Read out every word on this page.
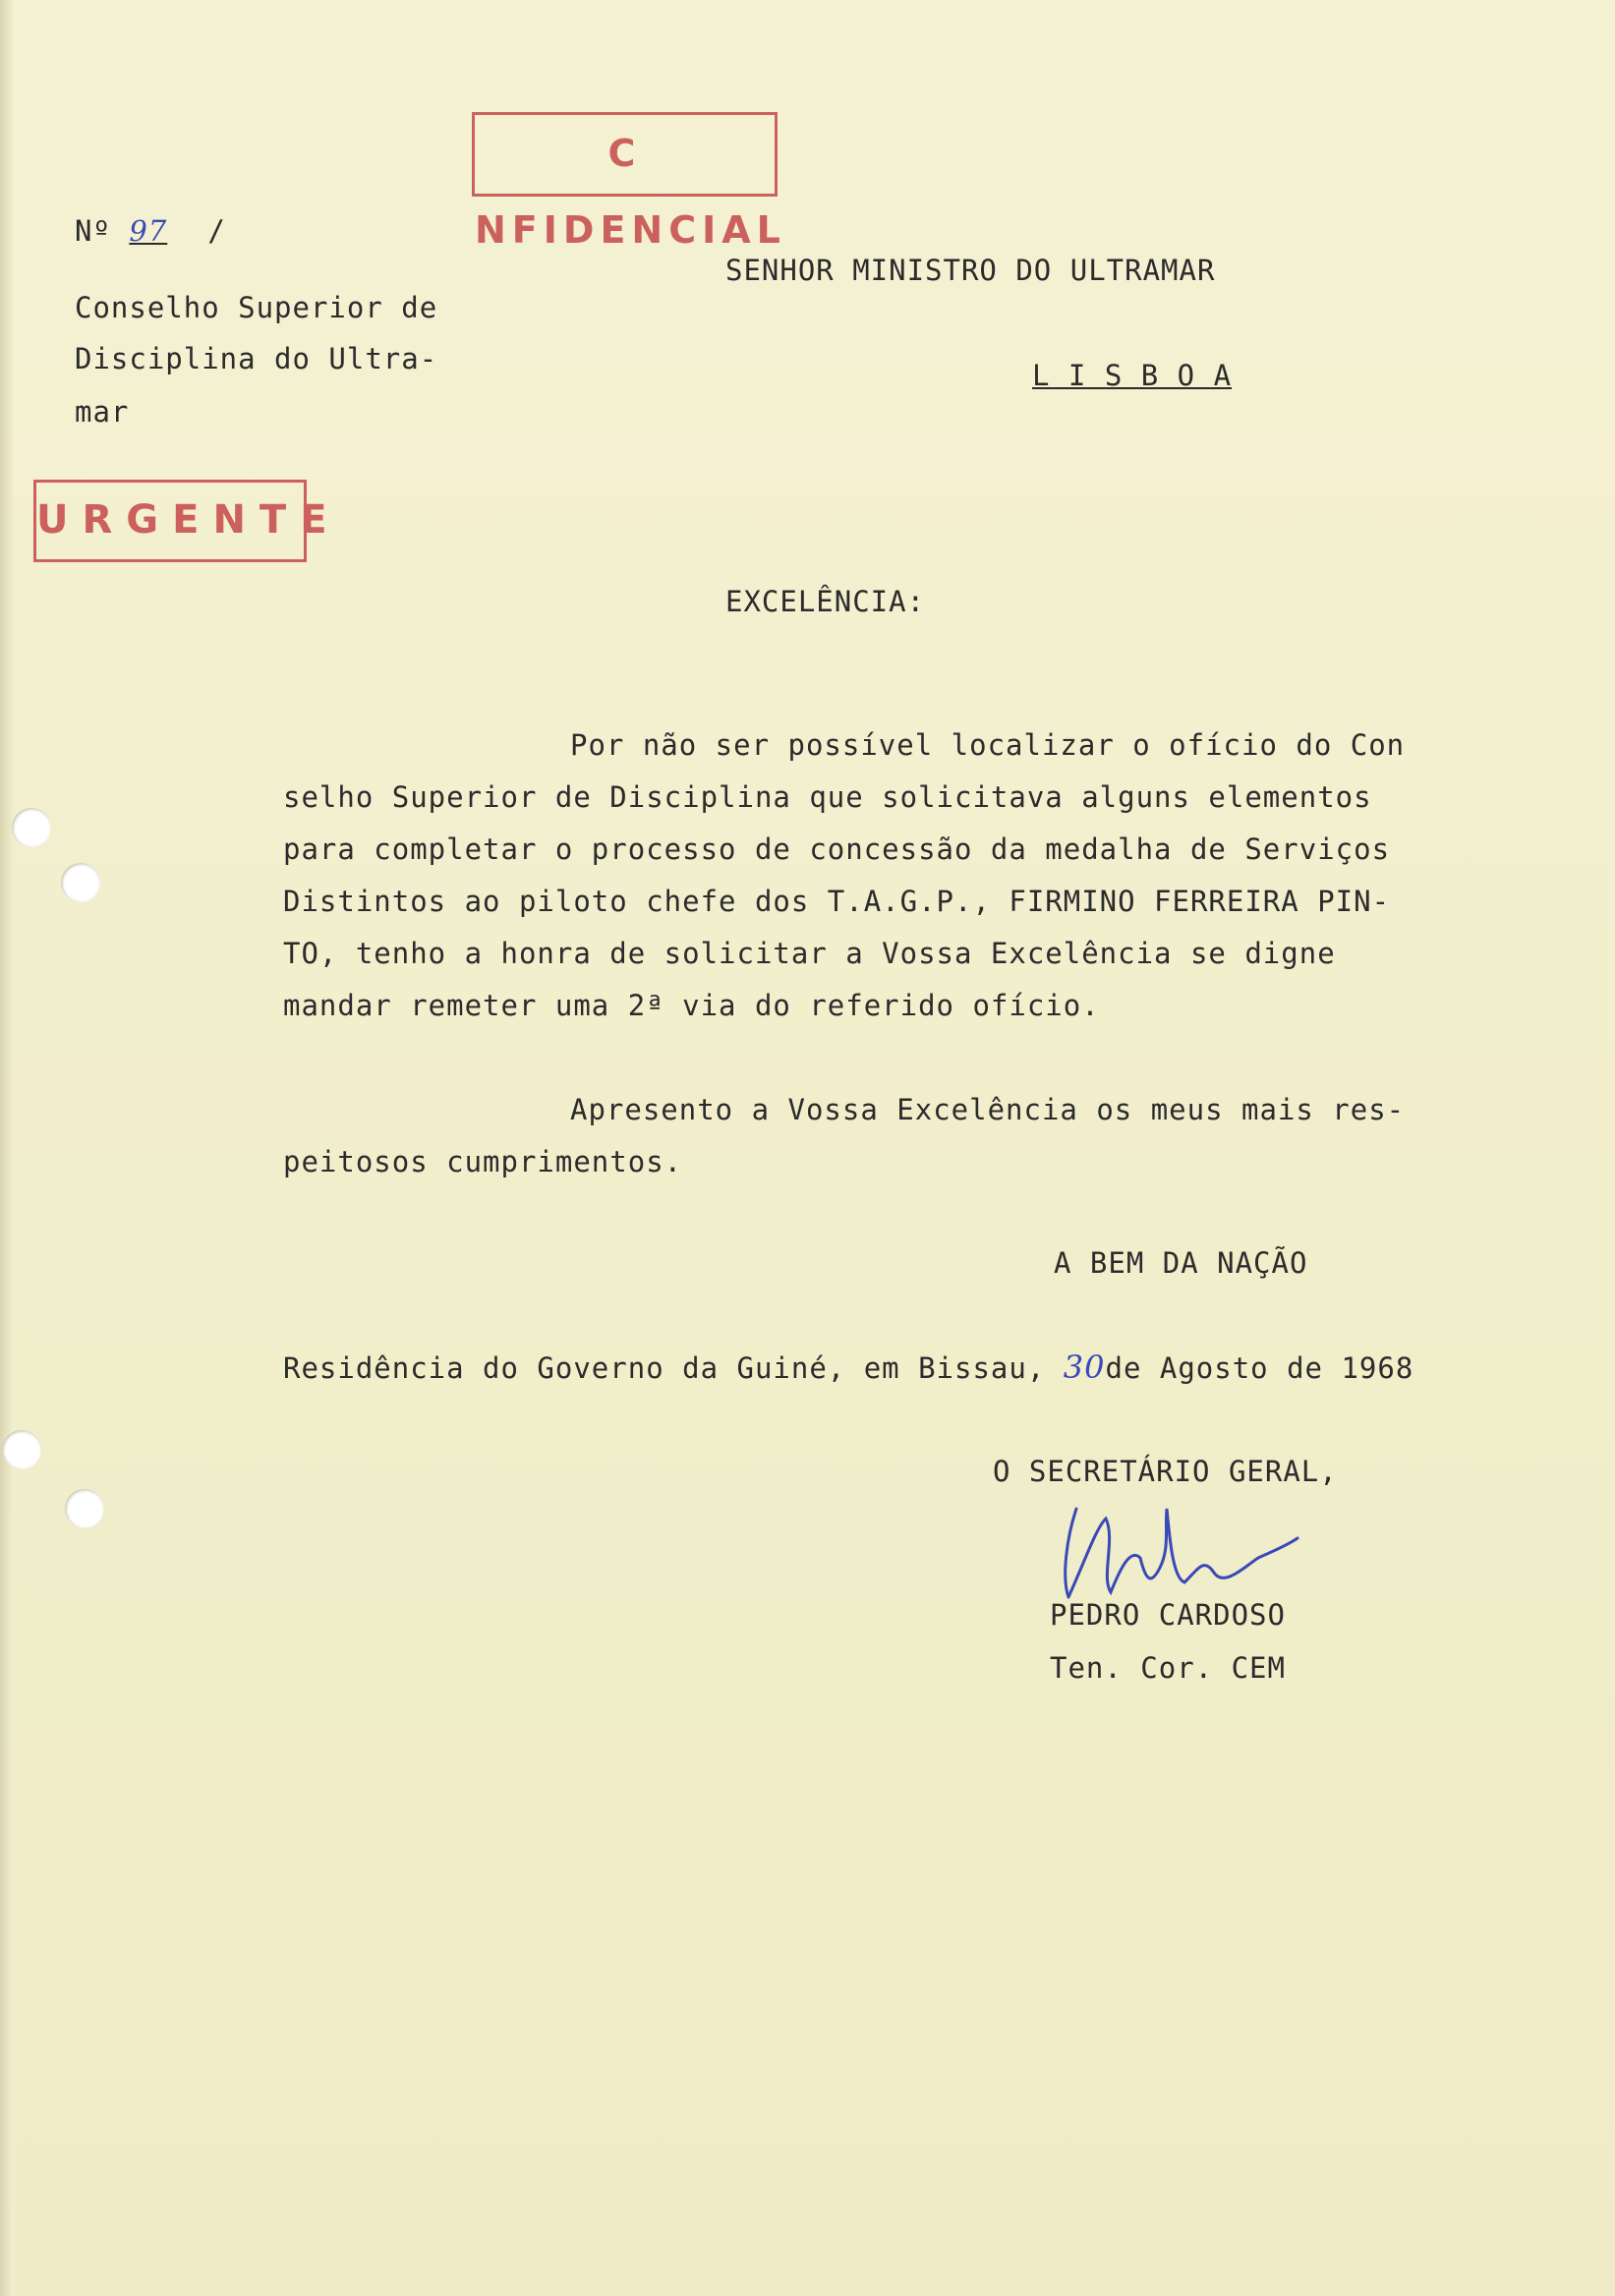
C NFIDENCIAL
URGENTE
Nº 97 /
Conselho Superior de
Disciplina do Ultra-
mar
SENHOR MINISTRO DO ULTRAMAR
L I S B O A
EXCELÊNCIA:
Por não ser possível localizar o ofício do Con
selho Superior de Disciplina que solicitava alguns elementos
para completar o processo de concessão da medalha de Serviços
Distintos ao piloto chefe dos T.A.G.P., FIRMINO FERREIRA PIN-
TO, tenho a honra de solicitar a Vossa Excelência se digne
mandar remeter uma 2ª via do referido ofício.
Apresento a Vossa Excelência os meus mais res-
peitosos cumprimentos.
A BEM DA NAÇÃO
Residência do Governo da Guiné, em Bissau, 30de Agosto de 1968
O SECRETÁRIO GERAL,
PEDRO CARDOSO
Ten. Cor. CEM
